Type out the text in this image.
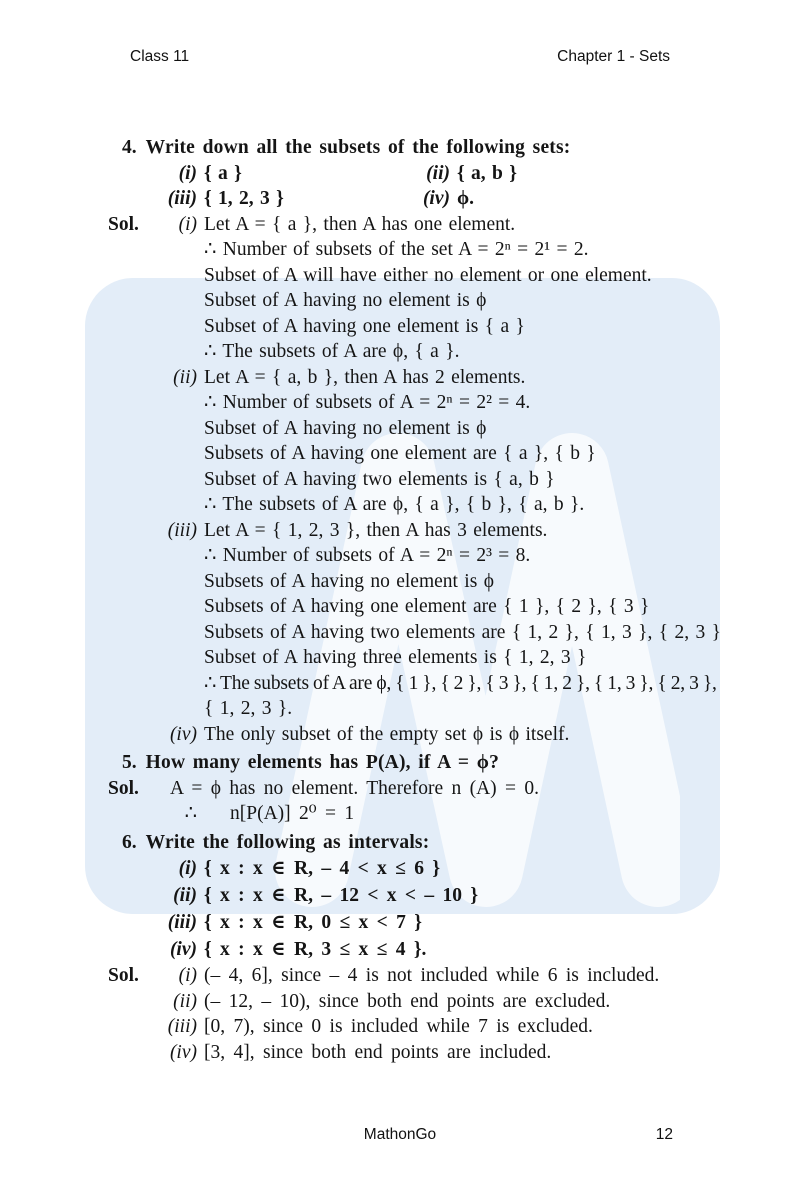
Class 11	Chapter 1 - Sets
4. Write down all the subsets of the following sets:
(i) { a }	(ii) { a, b }
(iii) { 1, 2, 3 }	(iv) ϕ.
Sol.	(i) Let A = { a }, then A has one element.
∴ Number of subsets of the set A = 2ⁿ = 2¹ = 2.
Subset of A will have either no element or one element.
Subset of A having no element is ϕ
Subset of A having one element is { a }
∴ The subsets of A are ϕ, { a }.
(ii) Let A = { a, b }, then A has 2 elements.
∴ Number of subsets of A = 2ⁿ = 2² = 4.
Subset of A having no element is ϕ
Subsets of A having one element are { a }, { b }
Subset of A having two elements is { a, b }
∴ The subsets of A are ϕ, { a }, { b }, { a, b }.
(iii) Let A = { 1, 2, 3 }, then A has 3 elements.
∴ Number of subsets of A = 2ⁿ = 2³ = 8.
Subsets of A having no element is ϕ
Subsets of A having one element are { 1 }, { 2 }, { 3 }
Subsets of A having two elements are { 1, 2 }, { 1, 3 }, { 2, 3 }
Subset of A having three elements is { 1, 2, 3 }
∴ The subsets of A are ϕ, { 1 }, { 2 }, { 3 }, { 1, 2 }, { 1, 3 }, { 2, 3 },
{ 1, 2, 3 }.
(iv) The only subset of the empty set ϕ is ϕ itself.
5. How many elements has P(A), if A = ϕ?
Sol.	A = ϕ has no element. Therefore n (A) = 0.
∴	n[P(A)] 2⁰ = 1
6. Write the following as intervals:
(i) { x : x ∈ R, – 4 < x ≤ 6 }
(ii) { x : x ∈ R, – 12 < x < – 10 }
(iii) { x : x ∈ R, 0 ≤ x < 7 }
(iv) { x : x ∈ R, 3 ≤ x ≤ 4 }.
Sol.	(i) (– 4, 6], since – 4 is not included while 6 is included.
(ii) (– 12, – 10), since both end points are excluded.
(iii) [0, 7), since 0 is included while 7 is excluded.
(iv) [3, 4], since both end points are included.
MathonGo	12
